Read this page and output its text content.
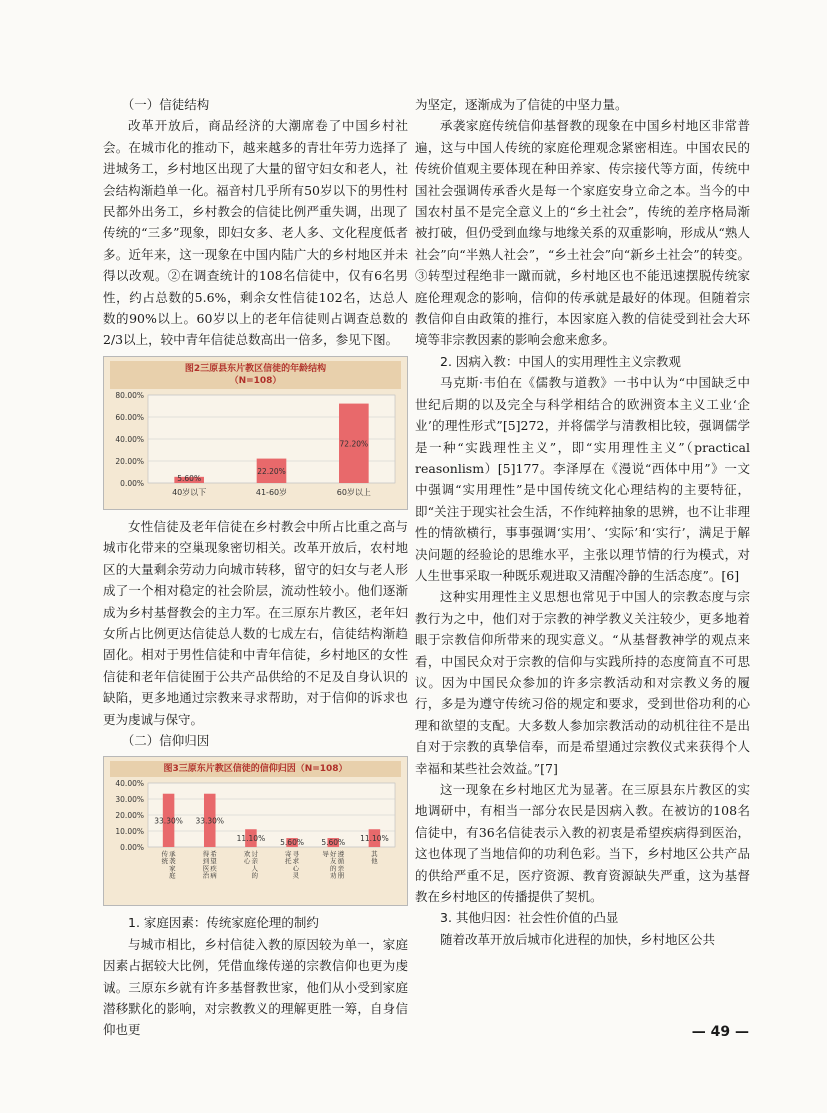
（一）信徒结构

改革开放后，商品经济的大潮席卷了中国乡村社会。在城市化的推动下，越来越多的青壮年劳力选择了进城务工，乡村地区出现了大量的留守妇女和老人，社会结构渐趋单一化。福音村几乎所有50岁以下的男性村民都外出务工，乡村教会的信徒比例严重失调，出现了传统的“三多”现象，即妇女多、老人多、文化程度低者多。近年来，这一现象在中国内陆广大的乡村地区并未得以改观。②在调查统计的108名信徒中，仅有6名男性，约占总数的5.6%，剩余女性信徒102名，达总人数的90%以上。60岁以上的老年信徒则占调查总数的2/3以上，较中青年信徒总数高出一倍多，参见下图。

图2三原县东片教区信徒的年龄结构
（N=108）
0.00%
20.00%
40.00%
60.00%
80.00%
5.60%
40岁以下
22.20%
41-60岁
72.20%
60岁以上

女性信徒及老年信徒在乡村教会中所占比重之高与城市化带来的空巢现象密切相关。改革开放后，农村地区的大量剩余劳动力向城市转移，留守的妇女与老人形成了一个相对稳定的社会阶层，流动性较小。他们逐渐成为乡村基督教会的主力军。在三原东片教区，老年妇女所占比例更达信徒总人数的七成左右，信徒结构渐趋固化。相对于男性信徒和中青年信徒，乡村地区的女性信徒和老年信徒囿于公共产品供给的不足及自身认识的缺陷，更多地通过宗教来寻求帮助，对于信仰的诉求也更为虔诚与保守。

（二）信仰归因

图3三原东片教区信徒的信仰归因（N=108）
0.00%
10.00%
20.00%
30.00%
40.00%
33.30%
承
袭
家
庭
传
统
33.30%
希
望
疾
病
得
到
医
治
11.10%
讨
亲
人
的
欢
心
5.60%
寻
求
心
灵
寄
托
5.60%
遵
循
亲
朋
好
友
的
劝
导
11.10%
其
他

1. 家庭因素：传统家庭伦理的制约

与城市相比，乡村信徒入教的原因较为单一，家庭因素占据较大比例，凭借血缘传递的宗教信仰也更为虔诚。三原东乡就有许多基督教世家，他们从小受到家庭潜移默化的影响，对宗教教义的理解更胜一筹，自身信仰也更

为坚定，逐渐成为了信徒的中坚力量。

承袭家庭传统信仰基督教的现象在中国乡村地区非常普遍，这与中国人传统的家庭伦理观念紧密相连。中国农民的传统价值观主要体现在种田养家、传宗接代等方面，传统中国社会强调传承香火是每一个家庭安身立命之本。当今的中国农村虽不是完全意义上的“乡土社会”，传统的差序格局渐被打破，但仍受到血缘与地缘关系的双重影响，形成从“熟人社会”向“半熟人社会”，“乡土社会”向“新乡土社会”的转变。③转型过程绝非一蹴而就，乡村地区也不能迅速摆脱传统家庭伦理观念的影响，信仰的传承就是最好的体现。但随着宗教信仰自由政策的推行，本因家庭入教的信徒受到社会大环境等非宗教因素的影响会愈来愈多。

2. 因病入教：中国人的实用理性主义宗教观

马克斯·韦伯在《儒教与道教》一书中认为“中国缺乏中世纪后期的以及完全与科学相结合的欧洲资本主义工业‘企业’的理性形式”[5]272，并将儒学与清教相比较，强调儒学是一种“实践理性主义”，即“实用理性主义”（practical reasonlism）[5]177。李泽厚在《漫说“西体中用”》一文中强调“实用理性”是中国传统文化心理结构的主要特征，即“关注于现实社会生活，不作纯粹抽象的思辨，也不让非理性的情欲横行，事事强调‘实用’、‘实际’和‘实行’，满足于解决问题的经验论的思维水平，主张以理节情的行为模式，对人生世事采取一种既乐观进取又清醒冷静的生活态度”。[6]

这种实用理性主义思想也常见于中国人的宗教态度与宗教行为之中，他们对于宗教的神学教义关注较少，更多地着眼于宗教信仰所带来的现实意义。“从基督教神学的观点来看，中国民众对于宗教的信仰与实践所持的态度简直不可思议。因为中国民众参加的许多宗教活动和对宗教义务的履行，多是为遵守传统习俗的规定和要求，受到世俗功利的心理和欲望的支配。大多数人参加宗教活动的动机往往不是出自对于宗教的真挚信奉，而是希望通过宗教仪式来获得个人幸福和某些社会效益。”[7]

这一现象在乡村地区尤为显著。在三原县东片教区的实地调研中，有相当一部分农民是因病入教。在被访的108名信徒中，有36名信徒表示入教的初衷是希望疾病得到医治，这也体现了当地信仰的功利色彩。当下，乡村地区公共产品的供给严重不足，医疗资源、教育资源缺失严重，这为基督教在乡村地区的传播提供了契机。

3. 其他归因：社会性价值的凸显

随着改革开放后城市化进程的加快，乡村地区公共

— 49 —
